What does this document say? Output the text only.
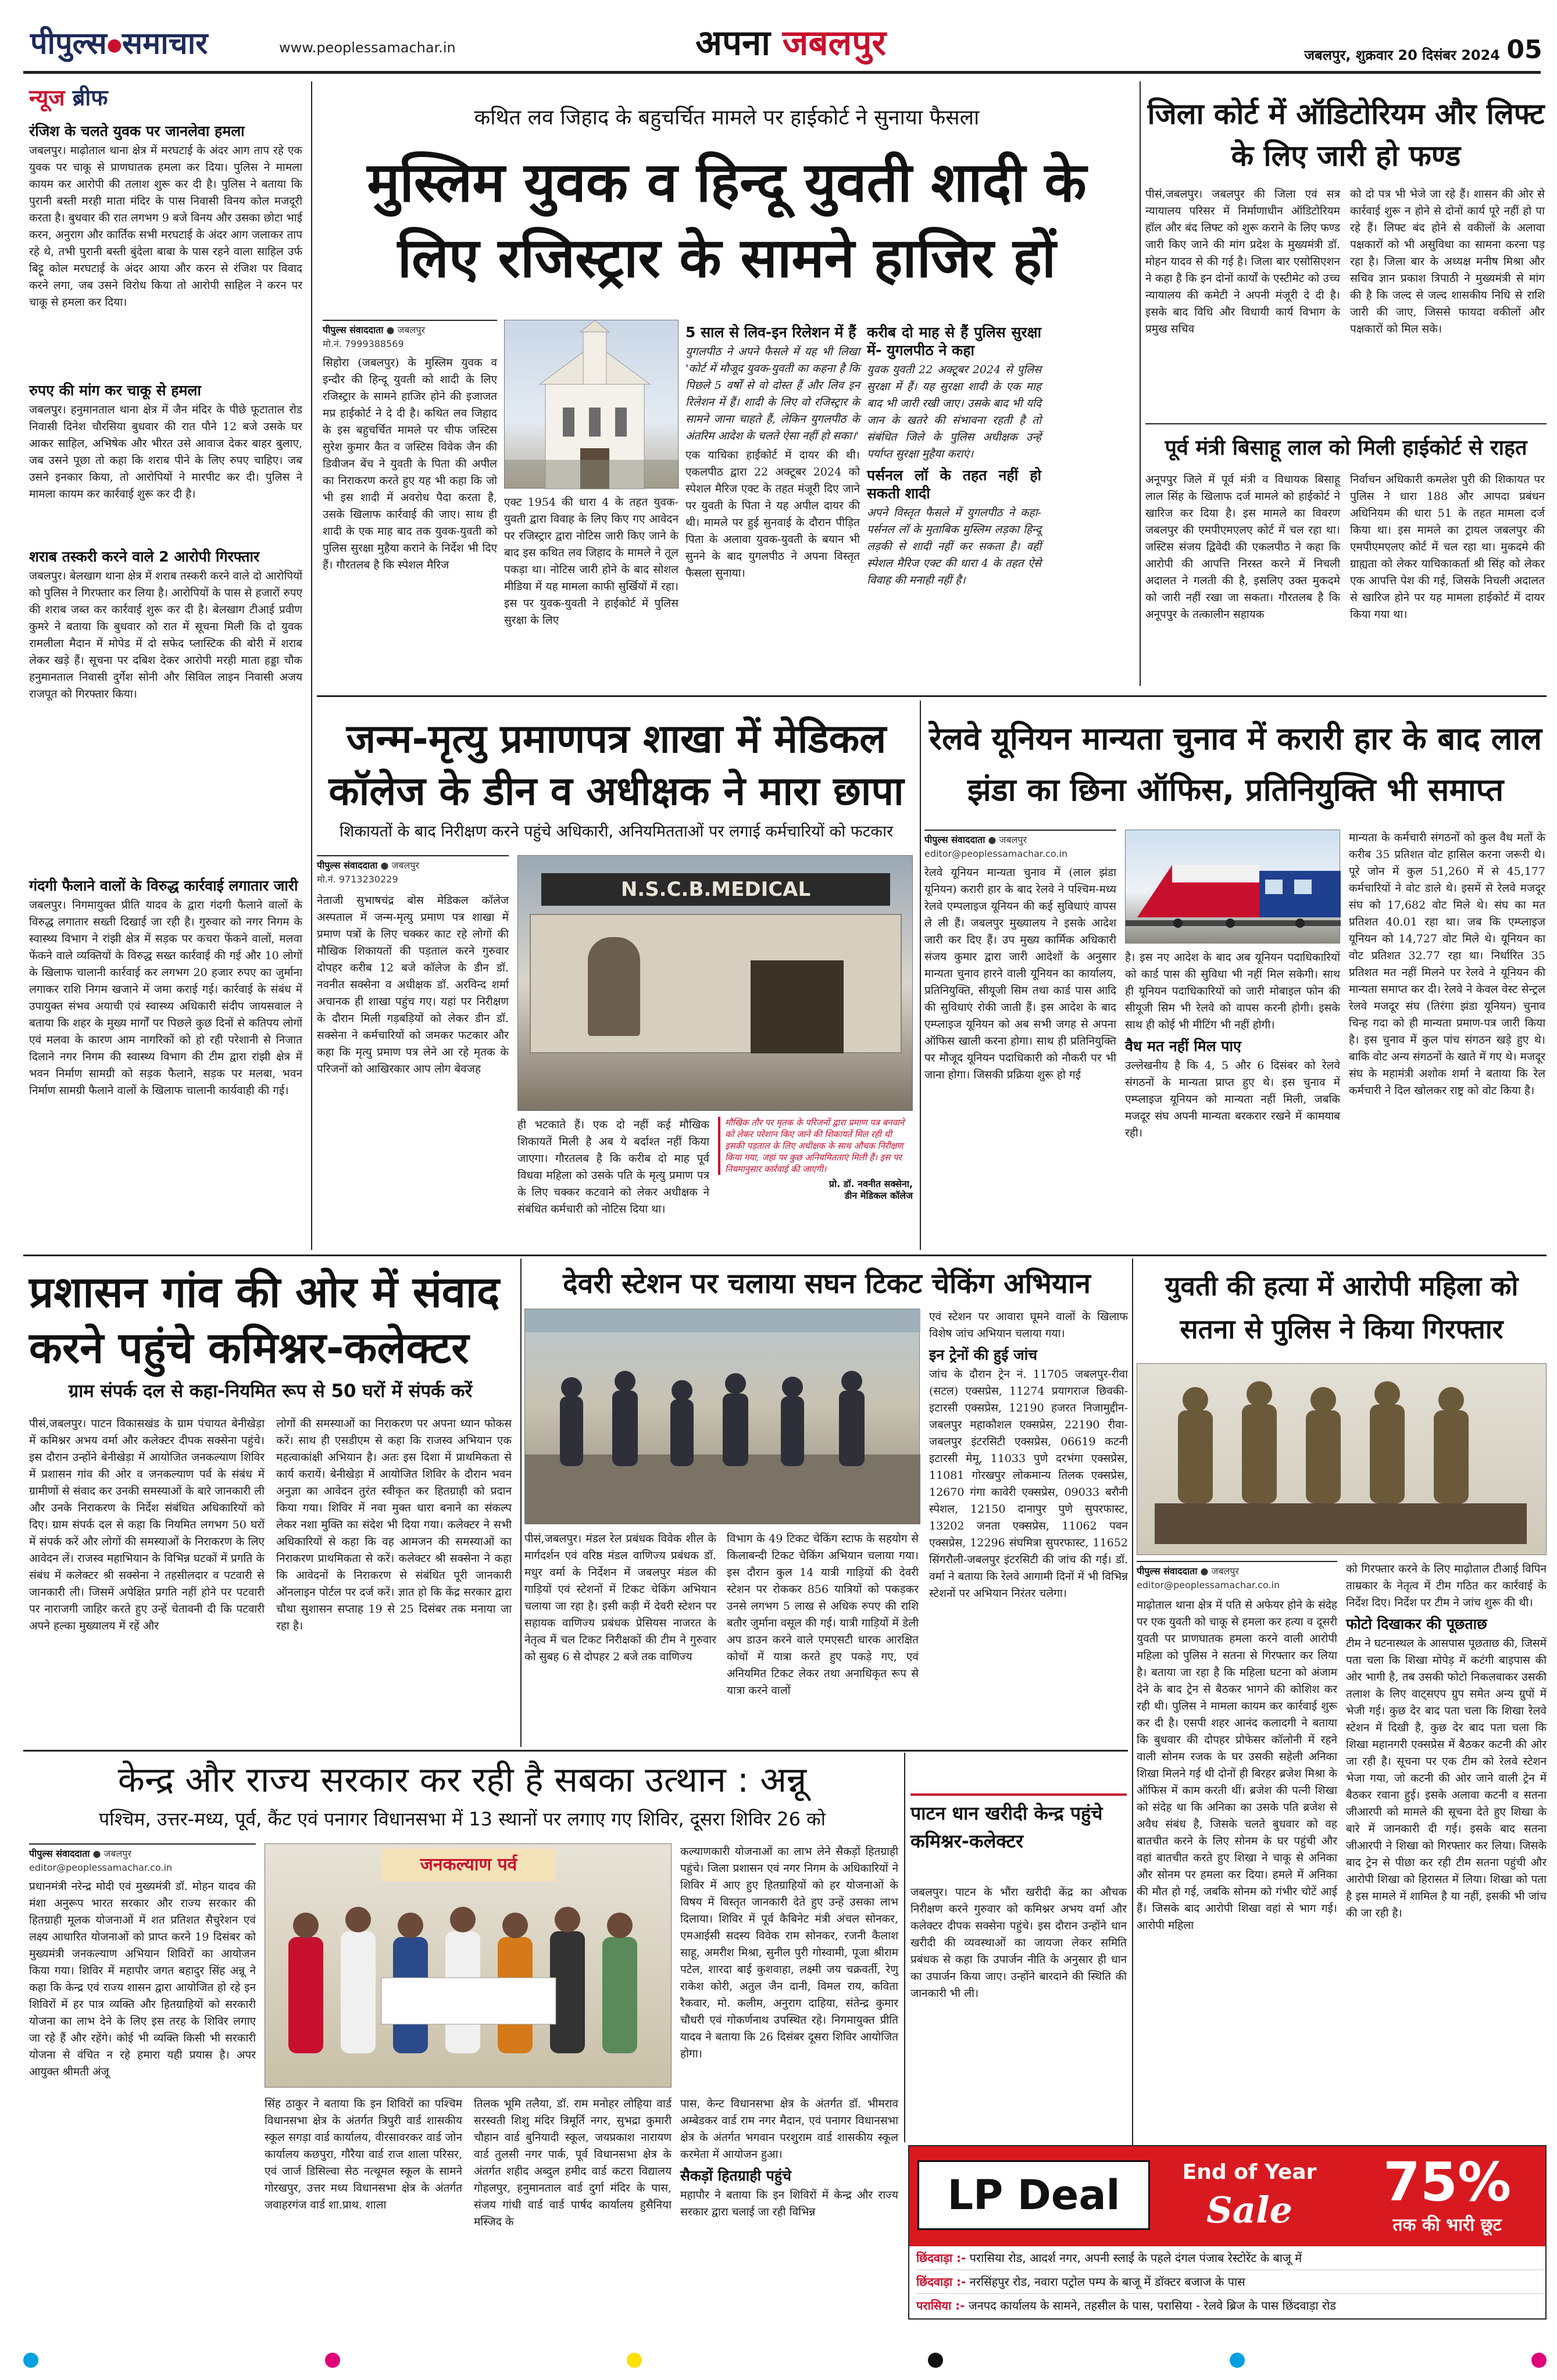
पीपुल्स●समाचार	www.peoplessamachar.in	अपना जबलपुर	जबलपुर, शुक्रवार 20 दिसंबर 2024 05
न्यूज ब्रीफ
रंजिश के चलते युवक पर जानलेवा हमला

जबलपुर। माढ़ोताल थाना क्षेत्र में मरघटाई के अंदर आग ताप रहे एक युवक पर चाकू से प्राणघातक हमला कर दिया। पुलिस ने मामला कायम कर आरोपी की तलाश शुरू कर दी है। पुलिस ने बताया कि पुरानी बस्ती मरही माता मंदिर के पास निवासी विनय कोल मजदूरी करता है। बुधवार की रात लगभग 9 बजे विनय और उसका छोटा भाई करन, अनुराग और कार्तिक सभी मरघटाई के अंदर आग जलाकर ताप रहे थे, तभी पुरानी बस्ती बुंदेला बाबा के पास रहने वाला साहिल उर्फ बिट्टू कोल मरघटाई के अंदर आया और करन से रंजिश पर विवाद करने लगा, जब उसने विरोध किया तो आरोपी साहिल ने करन पर चाकू से हमला कर दिया।

रुपए की मांग कर चाकू से हमला

जबलपुर। हनुमानताल थाना क्षेत्र में जैन मंदिर के पीछे फूटाताल रोड निवासी दिनेश चौरसिया बुधवार की रात पौने 12 बजे उसके घर आकर साहिल, अभिषेक और भीरत उसे आवाज देकर बाहर बुलाए, जब उसने पूछा तो कहा कि शराब पीने के लिए रुपए चाहिए। जब उसने इनकार किया, तो आरोपियों ने मारपीट कर दी। पुलिस ने मामला कायम कर कार्रवाई शुरू कर दी है।

शराब तस्करी करने वाले 2 आरोपी गिरफ्तार

जबलपुर। बेलखाग थाना क्षेत्र में शराब तस्करी करने वाले दो आरोपियों को पुलिस ने गिरफ्तार कर लिया है। आरोपियों के पास से हजारों रुपए की शराब जब्त कर कार्रवाई शुरू कर दी है। बेलखाग टीआई प्रवीण कुमरे ने बताया कि बुधवार को रात में सूचना मिली कि दो युवक रामलीला मैदान में मोपेड में दो सफेद प्लास्टिक की बोरी में शराब लेकर खड़े हैं। सूचना पर दबिश देकर आरोपी मरही माता हड्डा चौक हनुमानताल निवासी दुर्गेश सोनी और सिविल लाइन निवासी अजय राजपूत को गिरफ्तार किया।

गंदगी फैलाने वालों के विरुद्ध कार्रवाई लगातार जारी

जबलपुर। निगमायुक्त प्रीति यादव के द्वारा गंदगी फैलाने वालों के विरुद्ध लगातार सख्ती दिखाई जा रही है। गुरुवार को नगर निगम के स्वास्थ्य विभाग ने रांझी क्षेत्र में सड़क पर कचरा फेंकने वालों, मलवा फेंकने वाले व्यक्तियों के विरुद्ध सख्त कार्रवाई की गई और 10 लोगों के खिलाफ चालानी कार्रवाई कर लगभग 20 हजार रुपए का जुर्माना लगाकर राशि निगम खजाने में जमा कराई गई। कार्रवाई के संबंध में उपायुक्त संभव अयाची एवं स्वास्थ्य अधिकारी संदीप जायसवाल ने बताया कि शहर के मुख्य मार्गों पर पिछले कुछ दिनों से कतिपय लोगों एवं मलवा के कारण आम नागरिकों को हो रही परेशानी से निजात दिलाने नगर निगम की स्वास्थ्य विभाग की टीम द्वारा रांझी क्षेत्र में भवन निर्माण सामग्री को सड़क फैलाने, सड़क पर मलबा, भवन निर्माण सामग्री फैलाने वालों के खिलाफ चालानी कार्यवाही की गई।

कथित लव जिहाद के बहुचर्चित मामले पर हाईकोर्ट ने सुनाया फैसला
मुस्लिम युवक व हिन्दू युवती शादी के लिए रजिस्ट्रार के सामने हाजिर हों
पीपुल्स संवाददाता ● जबलपुर
मो.नं. 7999388569

सिहोरा (जबलपुर) के मुस्लिम युवक व इन्दौर की हिन्दू युवती को शादी के लिए रजिस्ट्रार के सामने हाजिर होने की इजाजत मप्र हाईकोर्ट ने दे दी है। कथित लव जिहाद के इस बहुचर्चित मामले पर चीफ जस्टिस सुरेश कुमार कैत व जस्टिस विवेक जैन की डिवीजन बेंच ने युवती के पिता की अपील का निराकरण करते हुए यह भी कहा कि जो भी इस शादी में अवरोध पैदा करता है, उसके खिलाफ कार्रवाई की जाए। साथ ही शादी के एक माह बाद तक युवक-युवती को पुलिस सुरक्षा मुहैया कराने के निर्देश भी दिए हैं। गौरतलब है कि स्पेशल मैरिज

एक्ट 1954 की धारा 4 के तहत युवक-युवती द्वारा विवाह के लिए किए गए आवेदन पर रजिस्ट्रार द्वारा नोटिस जारी किए जाने के बाद इस कथित लव जिहाद के मामले ने तूल पकड़ा था। नोटिस जारी होने के बाद सोशल मीडिया में यह मामला काफी सुर्खियों में रहा। इस पर युवक-युवती ने हाईकोर्ट में पुलिस सुरक्षा के लिए

5 साल से लिव-इन रिलेशन में हैं

युगलपीठ ने अपने फैसले में यह भी लिखा 'कोर्ट में मौजूद युवक-युवती का कहना है कि पिछले 5 वर्षों से वो दोस्त हैं और लिव इन रिलेशन में हैं। शादी के लिए वो रजिस्ट्रार के सामने जाना चाहते हैं, लेकिन युगलपीठ के अंतरिम आदेश के चलते ऐसा नहीं हो सका।'

एक याचिका हाईकोर्ट में दायर की थी। एकलपीठ द्वारा 22 अक्टूबर 2024 को स्पेशल मैरिज एक्ट के तहत मंजूरी दिए जाने पर युवती के पिता ने यह अपील दायर की थी। मामले पर हुई सुनवाई के दौरान पीड़ित पिता के अलावा युवक-युवती के बयान भी सुनने के बाद युगलपीठ ने अपना विस्तृत फैसला सुनाया।

करीब दो माह से हैं पुलिस सुरक्षा में- युगलपीठ ने कहा

युवक युवती 22 अक्टूबर 2024 से पुलिस सुरक्षा में हैं। यह सुरक्षा शादी के एक माह बाद भी जारी रखी जाए। उसके बाद भी यदि जान के खतरे की संभावना रहती है तो संबंधित जिले के पुलिस अधीक्षक उन्हें पर्याप्त सुरक्षा मुहैया कराएं।

पर्सनल लॉ के तहत नहीं हो सकती शादी

अपने विस्तृत फैसले में युगलपीठ ने कहा- पर्सनल लॉ के मुताबिक मुस्लिम लड़का हिन्दू लड़की से शादी नहीं कर सकता है। वहीं स्पेशल मैरिज एक्ट की धारा 4 के तहत ऐसे विवाह की मनाही नहीं है।

जिला कोर्ट में ऑडिटोरियम और लिफ्ट के लिए जारी हो फण्ड

पीसं,जबलपुर। जबलपुर की जिला एवं सत्र न्यायालय परिसर में निर्माणाधीन ऑडिटोरियम हॉल और बंद लिफ्ट को शुरू कराने के लिए फण्ड जारी किए जाने की मांग प्रदेश के मुख्यमंत्री डॉ. मोहन यादव से की गई है। जिला बार एसोसिएशन ने कहा है कि इन दोनों कार्यों के एस्टीमेट को उच्च न्यायालय की कमेटी ने अपनी मंजूरी दे दी है। इसके बाद विधि और विधायी कार्य विभाग के प्रमुख सचिव

को दो पत्र भी भेजे जा रहे हैं। शासन की ओर से कार्रवाई शुरू न होने से दोनों कार्य पूरे नहीं हो पा रहे हैं। लिफ्ट बंद होने से वकीलों के अलावा पक्षकारों को भी असुविधा का सामना करना पड़ रहा है। जिला बार के अध्यक्ष मनीष मिश्रा और सचिव ज्ञान प्रकाश त्रिपाठी ने मुख्यमंत्री से मांग की है कि जल्द से जल्द शासकीय निधि से राशि जारी की जाए, जिससे फायदा वकीलों और पक्षकारों को मिल सके।

पूर्व मंत्री बिसाहू लाल को मिली हाईकोर्ट से राहत

अनूपपुर जिले में पूर्व मंत्री व विधायक बिसाहू लाल सिंह के खिलाफ दर्ज मामले को हाईकोर्ट ने खारिज कर दिया है। इस मामले का विवरण जबलपुर की एमपीएमएलए कोर्ट में चल रहा था। जस्टिस संजय द्विवेदी की एकलपीठ ने कहा कि आरोपी की आपत्ति निरस्त करने में निचली अदालत ने गलती की है, इसलिए उक्त मुकदमे को जारी नहीं रखा जा सकता। गौरतलब है कि अनूपपुर के तत्कालीन सहायक

निर्वाचन अधिकारी कमलेश पुरी की शिकायत पर पुलिस ने धारा 188 और आपदा प्रबंधन अधिनियम की धारा 51 के तहत मामला दर्ज किया था। इस मामले का ट्रायल जबलपुर की एमपीएमएलए कोर्ट में चल रहा था। मुकदमे की ग्राह्यता को लेकर याचिकाकर्ता श्री सिंह को लेकर एक आपत्ति पेश की गई, जिसके निचली अदालत से खारिज होने पर यह मामला हाईकोर्ट में दायर किया गया था।

जन्म-मृत्यु प्रमाणपत्र शाखा में मेडिकल कॉलेज के डीन व अधीक्षक ने मारा छापा
शिकायतों के बाद निरीक्षण करने पहुंचे अधिकारी, अनियमितताओं पर लगाई कर्मचारियों को फटकार
पीपुल्स संवाददाता ● जबलपुर
मो.नं. 9713230229

नेताजी सुभाषचंद्र बोस मेडिकल कॉलेज अस्पताल में जन्म-मृत्यु प्रमाण पत्र शाखा में प्रमाण पत्रों के लिए चक्कर काट रहे लोगों की मौखिक शिकायतों की पड़ताल करने गुरुवार दोपहर करीब 12 बजे कॉलेज के डीन डॉ. नवनीत सक्सेना व अधीक्षक डॉ. अरविन्द शर्मा अचानक ही शाखा पहुंच गए। यहां पर निरीक्षण के दौरान मिली गड़बड़ियों को लेकर डीन डॉ. सक्सेना ने कर्मचारियों को जमकर फटकार और कहा कि मृत्यु प्रमाण पत्र लेने आ रहे मृतक के परिजनों को आखिरकार आप लोग बेवजह

N.S.C.B.MEDICAL

ही भटकाते हैं। एक दो नहीं कई मौखिक शिकायतें मिली है अब ये बर्दाश्त नहीं किया जाएगा। गौरतलब है कि करीब दो माह पूर्व विधवा महिला को उसके पति के मृत्यु प्रमाण पत्र के लिए चक्कर कटवाने को लेकर अधीक्षक ने संबंधित कर्मचारी को नोटिस दिया था।

मौखिक तौर पर मृतक के परिजनों द्वारा प्रमाण पत्र बनवाने को लेकर परेशान किए जाने की शिकायतें मिल रही थी इसकी पड़ताल के लिए अधीक्षक के साथ औचक निरीक्षण किया गया, जहां पर कुछ अनियमितताएं मिली हैं। इस पर नियमानुसार कार्रवाई की जाएगी।

प्रो. डॉ. नवनीत सक्सेना,
डीन मेडिकल कॉलेज

रेलवे यूनियन मान्यता चुनाव में करारी हार के बाद लाल झंडा का छिना ऑफिस, प्रतिनियुक्ति भी समाप्त
पीपुल्स संवाददाता ● जबलपुर
editor@peoplessamachar.co.in

रेलवे यूनियन मान्यता चुनाव में (लाल झंडा यूनियन) करारी हार के बाद रेलवे ने पश्चिम-मध्य रेलवे एम्पलाइज यूनियन की कई सुविधाएं वापस ले ली हैं। जबलपुर मुख्यालय ने इसके आदेश जारी कर दिए हैं। उप मुख्य कार्मिक अधिकारी संजय कुमार द्वारा जारी आदेशों के अनुसार मान्यता चुनाव हारने वाली यूनियन का कार्यालय, प्रतिनियुक्ति, सीयूजी सिम तथा कार्ड पास आदि की सुविधाएं रोकी जाती हैं। इस आदेश के बाद एम्प्लाइज यूनियन को अब सभी जगह से अपना ऑफिस खाली करना होगा। साथ ही प्रतिनियुक्ति पर मौजूद यूनियन पदाधिकारी को नौकरी पर भी जाना होगा। जिसकी प्रक्रिया शुरू हो गई

है। इस नए आदेश के बाद अब यूनियन पदाधिकारियों को कार्ड पास की सुविधा भी नहीं मिल सकेगी। साथ ही यूनियन पदाधिकारियों को जारी मोबाइल फोन की सीयूजी सिम भी रेलवे को वापस करनी होगी। इसके साथ ही कोई भी मीटिंग भी नहीं होगी।

वैध मत नहीं मिल पाए

उल्लेखनीय है कि 4, 5 और 6 दिसंबर को रेलवे संगठनों के मान्यता प्राप्त हुए थे। इस चुनाव में एम्प्लाइज यूनियन को मान्यता नहीं मिली, जबकि मजदूर संघ अपनी मान्यता बरकरार रखने में कामयाब रही।

मान्यता के कर्मचारी संगठनों को कुल वैध मतों के करीब 35 प्रतिशत वोट हासिल करना जरूरी थे। पूरे जोन में कुल 51,260 में से 45,177 कर्मचारियों ने वोट डाले थे। इसमें से रेलवे मजदूर संघ को 17,682 वोट मिले थे। संघ का मत प्रतिशत 40.01 रहा था। जब कि एम्प्लाइज यूनियन को 14,727 वोट मिले थे। यूनियन का वोट प्रतिशत 32.77 रहा था। निर्धारित 35 प्रतिशत मत नहीं मिलने पर रेलवे ने यूनियन की मान्यता समाप्त कर दी। रेलवे ने केवल वेस्ट सेन्ट्रल रेलवे मजदूर संघ (तिरंगा झंडा यूनियन) चुनाव चिन्ह गदा को ही मान्यता प्रमाण-पत्र जारी किया है। इस चुनाव में कुल पांच संगठन खड़े हुए थे। बाकि वोट अन्य संगठनों के खाते में गए थे। मजदूर संघ के महामंत्री अशोक शर्मा ने बताया कि रेल कर्मचारी ने दिल खोलकर राष्ट्र को वोट किया है।

प्रशासन गांव की ओर में संवाद करने पहुंचे कमिश्नर-कलेक्टर
ग्राम संपर्क दल से कहा-नियमित रूप से 50 घरों में संपर्क करें

पीसं,जबलपुर। पाटन विकासखंड के ग्राम पंचायत बेनीखेड़ा में कमिश्नर अभय वर्मा और कलेक्टर दीपक सक्सेना पहुंचे। इस दौरान उन्होंने बेनीखेड़ा में आयोजित जनकल्याण शिविर में प्रशासन गांव की ओर व जनकल्याण पर्व के संबंध में ग्रामीणों से संवाद कर उनकी समस्याओं के बारे जानकारी ली और उनके निराकरण के निर्देश संबंधित अधिकारियों को दिए। ग्राम संपर्क दल से कहा कि नियमित लगभग 50 घरों में संपर्क करें और लोगों की समस्याओं के निराकरण के लिए आवेदन लें। राजस्व महाभियान के विभिन्न घटकों में प्रगति के संबंध में कलेक्टर श्री सक्सेना ने तहसीलदार व पटवारी से जानकारी ली। जिसमें अपेक्षित प्रगति नहीं होने पर पटवारी पर नाराजगी जाहिर करते हुए उन्हें चेतावनी दी कि पटवारी अपने हल्का मुख्यालय में रहें और

लोगों की समस्याओं का निराकरण पर अपना ध्यान फोकस करें। साथ ही एसडीएम से कहा कि राजस्व अभियान एक महत्वाकांक्षी अभियान है। अतः इस दिशा में प्राथमिकता से कार्य करायें। बेनीखेड़ा में आयोजित शिविर के दौरान भवन अनुज्ञा का आवेदन तुरंत स्वीकृत कर हितग्राही को प्रदान किया गया। शिविर में नवा मुक्त धारा बनाने का संकल्प लेकर नशा मुक्ति का संदेश भी दिया गया। कलेक्टर ने सभी अधिकारियों से कहा कि वह आमजन की समस्याओं का निराकरण प्राथमिकता से करें। कलेक्टर श्री सक्सेना ने कहा कि आवेदनों के निराकरण से संबंधित पूरी जानकारी ऑनलाइन पोर्टल पर दर्ज करें। ज्ञात हो कि केंद्र सरकार द्वारा चौथा सुशासन सप्ताह 19 से 25 दिसंबर तक मनाया जा रहा है।

देवरी स्टेशन पर चलाया सघन टिकट चेकिंग अभियान

पीसं,जबलपुर। मंडल रेल प्रबंधक विवेक शील के मार्गदर्शन एवं वरिष्ठ मंडल वाणिज्य प्रबंधक डॉ. मधुर वर्मा के निर्देशन में जबलपुर मंडल की गाड़ियों एवं स्टेशनों में टिकट चेकिंग अभियान चलाया जा रहा है। इसी कड़ी में देवरी स्टेशन पर सहायक वाणिज्य प्रबंधक प्रेसियस नाजरत के नेतृत्व में चल टिकट निरीक्षकों की टीम ने गुरुवार को सुबह 6 से दोपहर 2 बजे तक वाणिज्य

विभाग के 49 टिकट चेकिंग स्टाफ के सहयोग से किलाबन्दी टिकट चेकिंग अभियान चलाया गया। इस दौरान कुल 14 यात्री गाड़ियों की देवरी स्टेशन पर रोककर 856 यात्रियों को पकड़कर उनसे लगभग 5 लाख से अधिक रुपए की राशि बतौर जुर्माना वसूल की गई। यात्री गाड़ियों में डेली अप डाउन करने वाले एमएसटी धारक आरक्षित कोचों में यात्रा करते हुए पकड़े गए, एवं अनियमित टिकट लेकर तथा अनाधिकृत रूप से यात्रा करने वालों

एवं स्टेशन पर आवारा घूमने वालों के खिलाफ विशेष जांच अभियान चलाया गया।

इन ट्रेनों की हुई जांच

जांच के दौरान ट्रेन नं. 11705 जबलपुर-रीवा (सटल) एक्सप्रेस, 11274 प्रयागराज छिवकी-इटारसी एक्सप्रेस, 12190 हजरत निजामुद्दीन-जबलपुर महाकौशल एक्सप्रेस, 22190 रीवा-जबलपुर इंटरसिटी एक्सप्रेस, 06619 कटनी इटारसी मेमू, 11033 पुणे दरभंगा एक्सप्रेस, 11081 गोरखपुर लोकमान्य तिलक एक्सप्रेस, 12670 गंगा कावेरी एक्सप्रेस, 09033 बरौनी स्पेशल, 12150 दानापुर पुणे सुपरफास्ट, 13202 जनता एक्सप्रेस, 11062 पवन एक्सप्रेस, 12296 संघमित्रा सुपरफास्ट, 11652 सिंगरौली-जबलपुर इंटरसिटी की जांच की गई। डॉ. वर्मा ने बताया कि रेलवे आगामी दिनों में भी विभिन्न स्टेशनों पर अभियान निरंतर चलेगा।

युवती की हत्या में आरोपी महिला को सतना से पुलिस ने किया गिरफ्तार
पीपुल्स संवाददाता ● जबलपुर
editor@peoplessamachar.co.in

माढ़ोताल थाना क्षेत्र में पति से अफेयर होने के संदेह पर एक युवती को चाकू से हमला कर हत्या व दूसरी युवती पर प्राणघातक हमला करने वाली आरोपी महिला को पुलिस ने सतना से गिरफ्तार कर लिया है। बताया जा रहा है कि महिला घटना को अंजाम देने के बाद ट्रेन से बैठकर भागने की कोशिश कर रही थी। पुलिस ने मामला कायम कर कार्रवाई शुरू कर दी है। एसपी शहर आनंद कलादगी ने बताया कि बुधवार की दोपहर प्रोफेसर कॉलोनी में रहने वाली सोनम रजक के घर उसकी सहेली अनिका शिखा मिलने गई थी दोनों ही बिरहर ब्रजेश मिश्रा के ऑफिस में काम करती थीं। ब्रजेश की पत्नी शिखा को संदेह था कि अनिका का उसके पति ब्रजेश से अवैध संबंध है, जिसके चलते बुधवार को वह बातचीत करने के लिए सोनम के घर पहुंची और वहां बातचीत करते हुए शिखा ने चाकू से अनिका और सोनम पर हमला कर दिया। हमले में अनिका की मौत हो गई, जबकि सोनम को गंभीर चोटें आई हैं। जिसके बाद आरोपी शिखा वहां से भाग गई। आरोपी महिला

को गिरफ्तार करने के लिए माढ़ोताल टीआई विपिन ताम्रकार के नेतृत्व में टीम गठित कर कार्रवाई के निर्देश दिए। निर्देश पर टीम ने जांच शुरू की थी।

फोटो दिखाकर की पूछताछ

टीम ने घटनास्थल के आसपास पूछताछ की, जिसमें पता चला कि शिखा मोपेड़ में कटंगी बाइपास की ओर भागी है, तब उसकी फोटो निकलवाकर उसकी तलाश के लिए वाट्सएप ग्रुप समेत अन्य ग्रुपों में भेजी गई। कुछ देर बाद पता चला कि शिखा रेलवे स्टेशन में दिखी है, कुछ देर बाद पता चला कि शिखा महानगरी एक्सप्रेस में बैठकर कटनी की ओर जा रही है। सूचना पर एक टीम को रेलवे स्टेशन भेजा गया, जो कटनी की ओर जाने वाली ट्रेन में बैठकर रवाना हुई। इसके अलावा कटनी व सतना जीआरपी को मामले की सूचना देते हुए शिखा के बारे में जानकारी दी गई। इसके बाद सतना जीआरपी ने शिखा को गिरफ्तार कर लिया। जिसके बाद ट्रेन से पीछा कर रही टीम सतना पहुंची और आरोपी शिखा को हिरासत में लिया। शिखा को पता है इस मामले में शामिल है या नहीं, इसकी भी जांच की जा रही है।

केन्द्र और राज्य सरकार कर रही है सबका उत्थान : अन्नू
पश्चिम, उत्तर-मध्य, पूर्व, कैंट एवं पनागर विधानसभा में 13 स्थानों पर लगाए गए शिविर, दूसरा शिविर 26 को
पीपुल्स संवाददाता ● जबलपुर
editor@peoplessamachar.co.in

प्रधानमंत्री नरेन्द्र मोदी एवं मुख्यमंत्री डॉ. मोहन यादव की मंशा अनुरूप भारत सरकार और राज्य सरकार की हितग्राही मूलक योजनाओं में शत प्रतिशत सैचुरेशन एवं लक्ष्य आधारित योजनाओं को प्राप्त करने 19 दिसंबर को मुख्यमंत्री जनकल्याण अभियान शिविरों का आयोजन किया गया। शिविर में महापौर जगत बहादुर सिंह अन्नू ने कहा कि केन्द्र एवं राज्य शासन द्वारा आयोजित हो रहे इन शिविरों में हर पात्र व्यक्ति और हितग्राहियों को सरकारी योजना का लाभ देने के लिए इस तरह के शिविर लगाए जा रहे हैं और रहेंगे। कोई भी व्यक्ति किसी भी सरकारी योजना से वंचित न रहे हमारा यही प्रयास है। अपर आयुक्त श्रीमती अंजू

जनकल्याण पर्व

सिंह ठाकुर ने बताया कि इन शिविरों का पश्चिम विधानसभा क्षेत्र के अंतर्गत त्रिपुरी वार्ड शासकीय स्कूल सगड़ा वार्ड कार्यालय, वीरसावरकर वार्ड जोन कार्यालय कछपुरा, गौरैया वार्ड राज शाला परिसर, एवं जार्ज डिसिल्वा सेठ नत्थूमल स्कूल के सामने गोरखपुर, उत्तर मध्य विधानसभा क्षेत्र के अंतर्गत जवाहरगंज वार्ड शा.प्राथ. शाला

तिलक भूमि तलैया, डॉ. राम मनोहर लोहिया वार्ड सरस्वती शिशु मंदिर त्रिमूर्ति नगर, सुभद्रा कुमारी चौहान वार्ड बुनियादी स्कूल, जयप्रकाश नारायण वार्ड तुलसी नगर पार्क, पूर्व विधानसभा क्षेत्र के अंतर्गत शहीद अब्दुल हमीद वार्ड कटरा विद्यालय गोहलपुर, हनुमानताल वार्ड दुर्गा मंदिर के पास, संजय गांधी वार्ड वार्ड पार्षद कार्यालय हुसैनिया मस्जिद के

पास, केन्ट विधानसभा क्षेत्र के अंतर्गत डॉ. भीमराव अम्बेडकर वार्ड राम नगर मैदान, एवं पनागर विधानसभा क्षेत्र के अंतर्गत भगवान परशुराम वार्ड शासकीय स्कूल करमेता में आयोजन हुआ।

सैकड़ों हितग्राही पहुंचे

महापौर ने बताया कि इन शिविरों में केन्द्र और राज्य सरकार द्वारा चलाई जा रही विभिन्न

कल्याणकारी योजनाओं का लाभ लेने सैकड़ों हितग्राही पहुंचे। जिला प्रशासन एवं नगर निगम के अधिकारियों ने शिविर में आए हुए हितग्राहियों को हर योजनाओं के विषय में विस्तृत जानकारी देते हुए उन्हें उसका लाभ दिलाया। शिविर में पूर्व कैबिनेट मंत्री अंचल सोनकर, एमआईसी सदस्य विवेक राम सोनकर, रजनी कैलाश साहू, अमरीश मिश्रा, सुनील पुरी गोस्वामी, पूजा श्रीराम पटेल, शारदा बाई कुशवाहा, लक्ष्मी जय चक्रवर्ती, रेणु राकेश कोरी, अतुल जैन दानी, विमल राय, कविता रैकवार, मो. कलीम, अनुराग दाहिया, संतेन्द्र कुमार चौधरी एवं गोकर्णनाथ उपस्थित रहे। निगमायुक्त प्रीति यादव ने बताया कि 26 दिसंबर दूसरा शिविर आयोजित होगा।

पाटन धान खरीदी केन्द्र पहुंचे कमिश्नर-कलेक्टर

जबलपुर। पाटन के भौंरा खरीदी केंद्र का औचक निरीक्षण करने गुरुवार को कमिश्नर अभय वर्मा और कलेक्टर दीपक सक्सेना पहुंचे। इस दौरान उन्होंने धान खरीदी की व्यवस्थाओं का जायजा लेकर समिति प्रबंधक से कहा कि उपार्जन नीति के अनुसार ही धान का उपार्जन किया जाए। उन्होंने बारदाने की स्थिति की जानकारी भी ली।

LP Deal	End of Year
Sale	75%
तक की भारी छूट
छिंदवाड़ा :- परासिया रोड, आदर्श नगर, अपनी स्लाई के पहले दंगल पंजाब रेस्टोरेंट के बाजू में
छिंदवाड़ा :- नरसिंहपुर रोड, नवारा पट्रोल पम्प के बाजू में डॉक्टर बजाज के पास
परासिया :- जनपद कार्यालय के सामने, तहसील के पास, परासिया - रेलवे ब्रिज के पास छिंदवाड़ा रोड
